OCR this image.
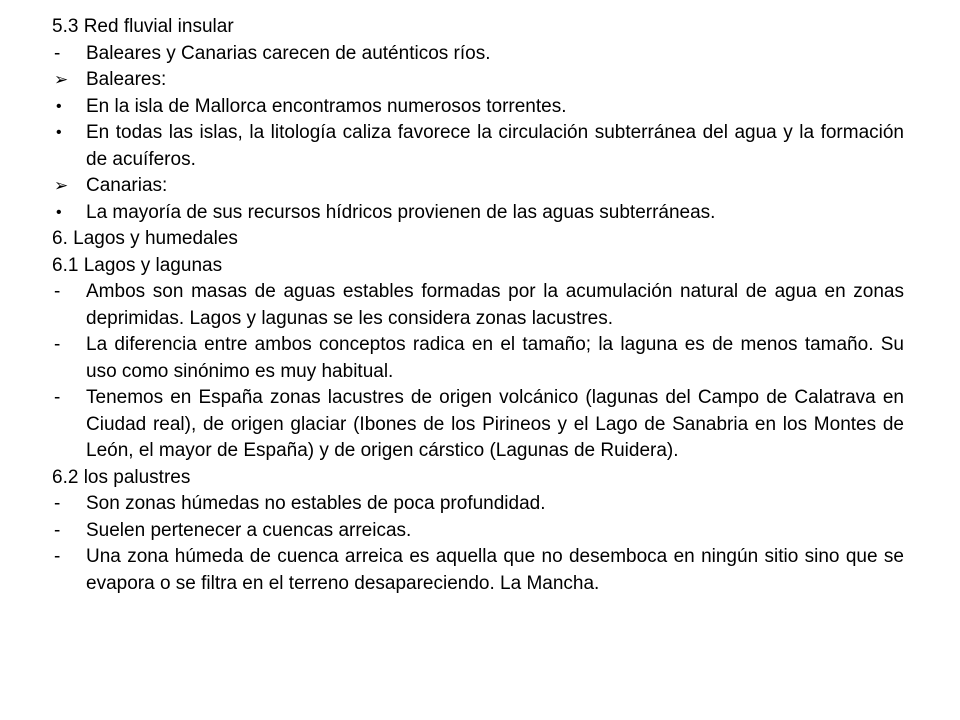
5.3 Red fluvial insular
-	Baleares y Canarias carecen de auténticos ríos.
➢ Baleares:
•	En la isla de Mallorca encontramos numerosos torrentes.
•	En todas las islas, la litología caliza favorece la circulación subterránea del agua y la formación de acuíferos.
➢ Canarias:
•	La mayoría de sus recursos hídricos provienen de las aguas subterráneas.
6. Lagos y humedales
6.1 Lagos y lagunas
-	Ambos son masas de aguas estables formadas por la acumulación natural de agua en zonas deprimidas. Lagos y lagunas se les considera zonas lacustres.
-	La diferencia entre ambos conceptos radica en el tamaño; la laguna es de menos tamaño. Su uso como sinónimo es muy habitual.
-	Tenemos en España zonas lacustres de origen volcánico (lagunas del Campo de Calatrava en Ciudad real), de origen glaciar (Ibones de los Pirineos y el Lago de Sanabria en los Montes de León, el mayor de España) y de origen cárstico (Lagunas de Ruidera).
6.2 los palustres
-	Son zonas húmedas no estables de poca profundidad.
-	Suelen pertenecer a cuencas arreicas.
-	Una zona húmeda de cuenca arreica es aquella que no desemboca en ningún sitio sino que se evapora o se filtra en el terreno desapareciendo. La Mancha.
